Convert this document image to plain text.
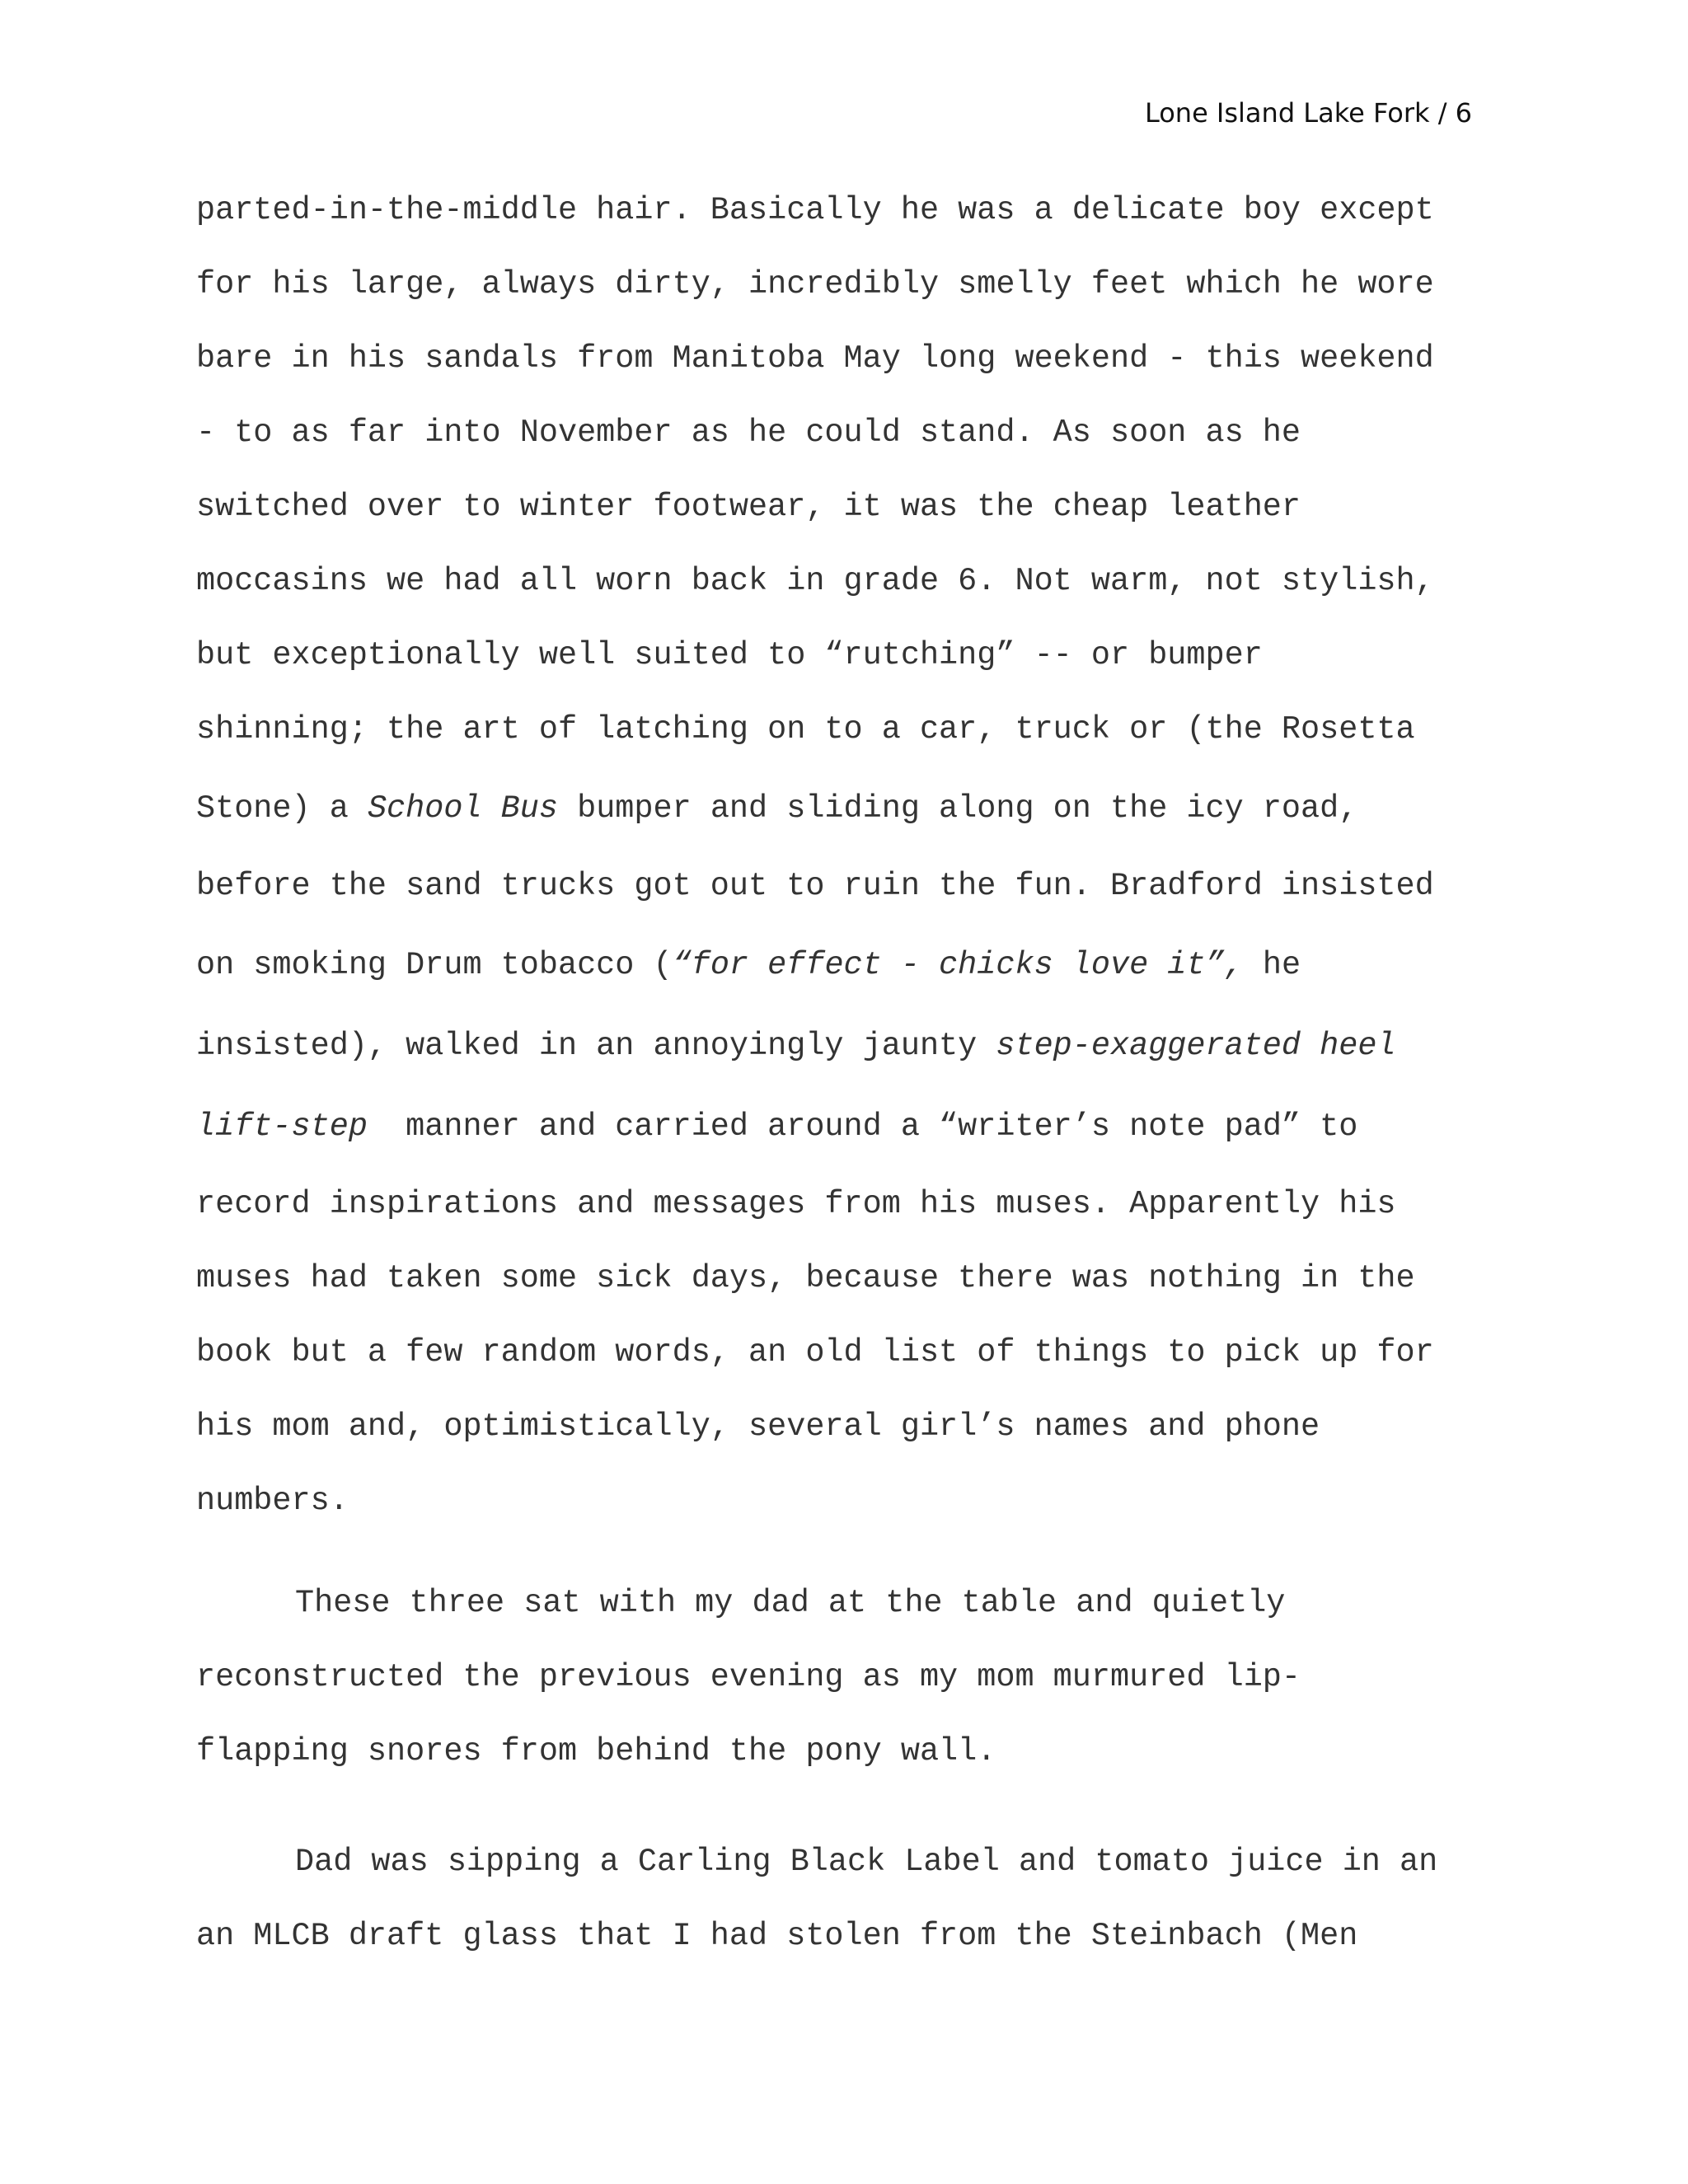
Lone Island Lake Fork / 6
parted-in-the-middle hair. Basically he was a delicate boy except
for his large, always dirty, incredibly smelly feet which he wore
bare in his sandals from Manitoba May long weekend - this weekend
- to as far into November as he could stand. As soon as he
switched over to winter footwear, it was the cheap leather
moccasins we had all worn back in grade 6. Not warm, not stylish,
but exceptionally well suited to “rutching” -- or bumper
shinning; the art of latching on to a car, truck or (the Rosetta
Stone) a School Bus bumper and sliding along on the icy road,
before the sand trucks got out to ruin the fun. Bradford insisted
on smoking Drum tobacco (“for effect - chicks love it”, he
insisted), walked in an annoyingly jaunty step-exaggerated heel
lift-step  manner and carried around a “writer’s note pad” to
record inspirations and messages from his muses. Apparently his
muses had taken some sick days, because there was nothing in the
book but a few random words, an old list of things to pick up for
his mom and, optimistically, several girl’s names and phone
numbers.
These three sat with my dad at the table and quietly
reconstructed the previous evening as my mom murmured lip-
flapping snores from behind the pony wall.
Dad was sipping a Carling Black Label and tomato juice in an
an MLCB draft glass that I had stolen from the Steinbach (Men
